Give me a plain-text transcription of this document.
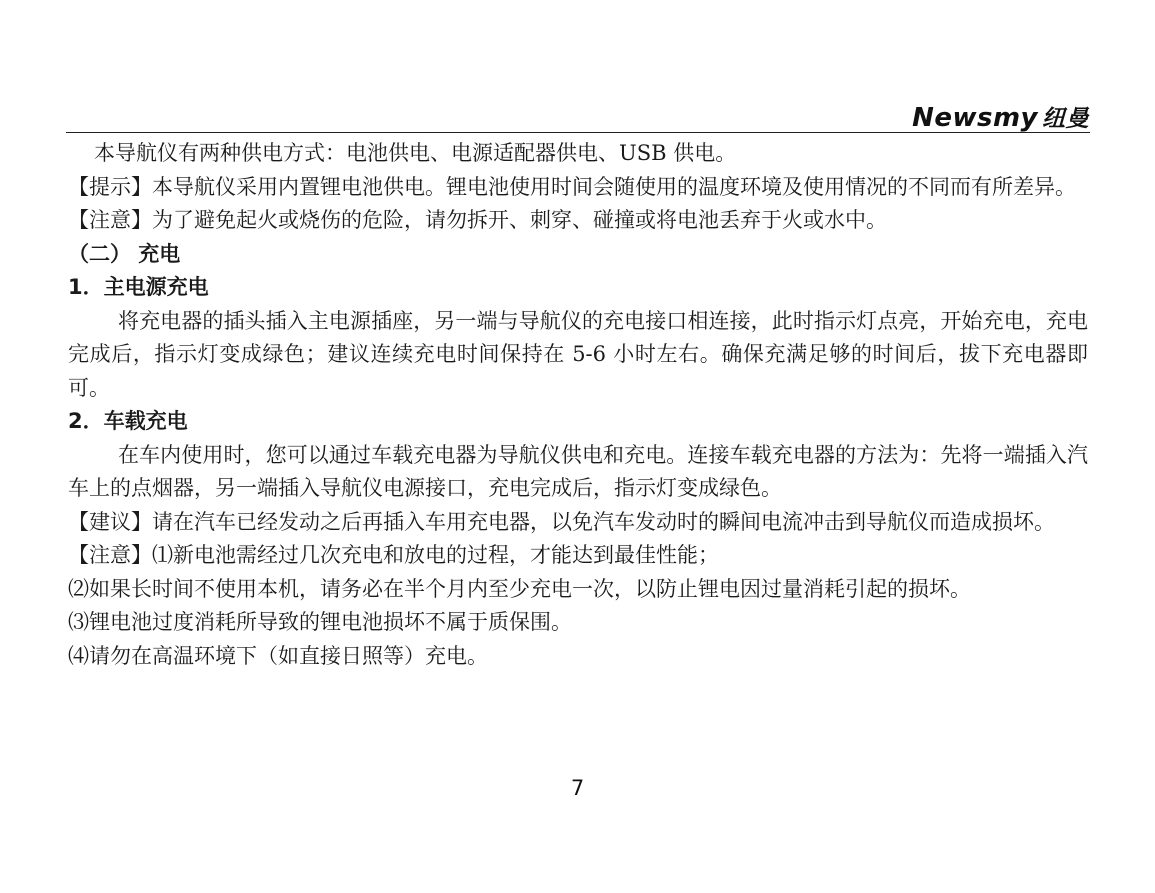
Newsmy 纽曼

本导航仪有两种供电方式：电池供电、电源适配器供电、USB 供电。

【提示】本导航仪采用内置锂电池供电。锂电池使用时间会随使用的温度环境及使用情况的不同而有所差异。

【注意】为了避免起火或烧伤的危险，请勿拆开、刺穿、碰撞或将电池丢弃于火或水中。

（二） 充电

1．主电源充电

将充电器的插头插入主电源插座，另一端与导航仪的充电接口相连接，此时指示灯点亮，开始充电，充电完成后，指示灯变成绿色；建议连续充电时间保持在 5-6 小时左右。确保充满足够的时间后，拔下充电器即可。

2．车载充电

在车内使用时，您可以通过车载充电器为导航仪供电和充电。连接车载充电器的方法为：先将一端插入汽车上的点烟器，另一端插入导航仪电源接口，充电完成后，指示灯变成绿色。

【建议】请在汽车已经发动之后再插入车用充电器，以免汽车发动时的瞬间电流冲击到导航仪而造成损坏。

【注意】⑴新电池需经过几次充电和放电的过程，才能达到最佳性能；

⑵如果长时间不使用本机，请务必在半个月内至少充电一次，以防止锂电因过量消耗引起的损坏。

⑶锂电池过度消耗所导致的锂电池损坏不属于质保围。

⑷请勿在高温环境下（如直接日照等）充电。

7
